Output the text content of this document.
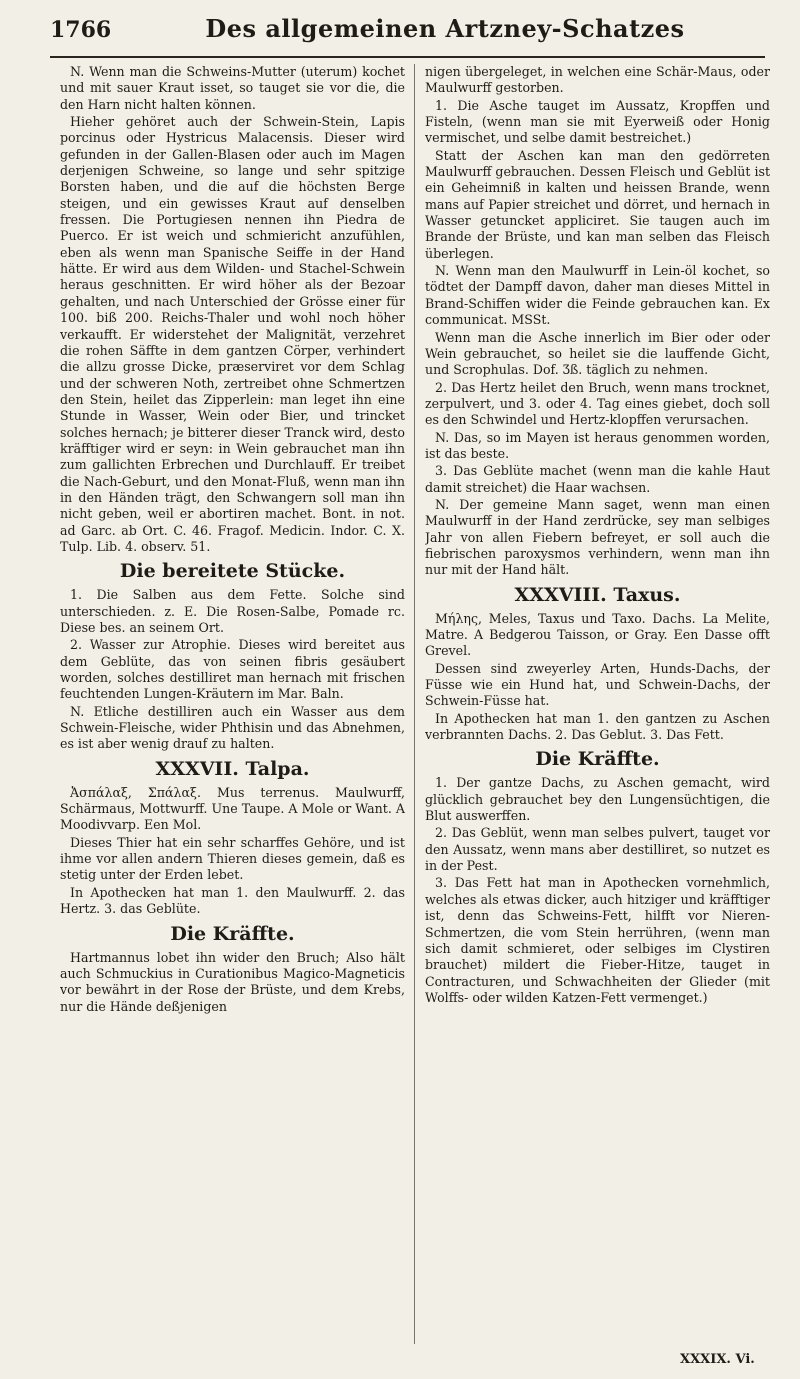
1766	Des allgemeinen Artzney-Schatzes

N. Wenn man die Schweins-Mutter (uterum) kochet und mit sauer Kraut isset, so tauget sie vor die, die den Harn nicht halten können.

Hieher gehöret auch der Schwein-Stein, Lapis porcinus oder Hystricus Malacensis. Dieser wird gefunden in der Gallen-Blasen oder auch im Magen derjenigen Schweine, so lange und sehr spitzige Borsten haben, und die auf die höchsten Berge steigen, und ein gewisses Kraut auf denselben fressen. Die Portugiesen nennen ihn Piedra de Puerco. Er ist weich und schmiericht anzufühlen, eben als wenn man Spanische Seiffe in der Hand hätte. Er wird aus dem Wilden- und Stachel-Schwein heraus geschnitten. Er wird höher als der Bezoar gehalten, und nach Unterschied der Grösse einer für 100. biß 200. Reichs-Thaler und wohl noch höher verkaufft. Er widerstehet der Malignität, verzehret die rohen Säffte in dem gantzen Cörper, verhindert die allzu grosse Dicke, præserviret vor dem Schlag und der schweren Noth, zertreibet ohne Schmertzen den Stein, heilet das Zipperlein: man leget ihn eine Stunde in Wasser, Wein oder Bier, und trincket solches hernach; je bitterer dieser Tranck wird, desto kräfftiger wird er seyn: in Wein gebrauchet man ihn zum gallichten Erbrechen und Durchlauff. Er treibet die Nach-Geburt, und den Monat-Fluß, wenn man ihn in den Händen trägt, den Schwangern soll man ihn nicht geben, weil er abortiren machet. Bont. in not. ad Garc. ab Ort. C. 46. Fragof. Medicin. Indor. C. X. Tulp. Lib. 4. observ. 51.

Die bereitete Stücke.

1. Die Salben aus dem Fette. Solche sind unterschieden. z. E. Die Rosen-Salbe, Pomade rc. Diese bes. an seinem Ort.

2. Wasser zur Atrophie. Dieses wird bereitet aus dem Geblüte, das von seinen fibris gesäubert worden, solches destilliret man hernach mit frischen feuchtenden Lungen-Kräutern im Mar. Baln.

N. Etliche destilliren auch ein Wasser aus dem Schwein-Fleische, wider Phthisin und das Abnehmen, es ist aber wenig drauf zu halten.

XXXVII. Talpa.

Ἀσπάλαξ, Σπάλαξ. Mus terrenus. Maulwurff, Schärmaus, Mottwurff. Une Taupe. A Mole or Want. A Moodivvarp. Een Mol.

Dieses Thier hat ein sehr scharffes Gehöre, und ist ihme vor allen andern Thieren dieses gemein, daß es stetig unter der Erden lebet.

In Apothecken hat man 1. den Maulwurff. 2. das Hertz. 3. das Geblüte.

Die Kräffte.

Hartmannus lobet ihn wider den Bruch; Also hält auch Schmuckius in Curationibus Magico-Magneticis vor bewährt in der Rose der Brüste, und dem Krebs, nur die Hände deßjenigen

nigen übergeleget, in welchen eine Schär-Maus, oder Maulwurff gestorben.

1. Die Asche tauget im Aussatz, Kropffen und Fisteln, (wenn man sie mit Eyerweiß oder Honig vermischet, und selbe damit bestreichet.)

Statt der Aschen kan man den gedörreten Maulwurff gebrauchen. Dessen Fleisch und Geblüt ist ein Geheimniß in kalten und heissen Brande, wenn mans auf Papier streichet und dörret, und hernach in Wasser getuncket appliciret. Sie taugen auch im Brande der Brüste, und kan man selben das Fleisch überlegen.

N. Wenn man den Maulwurff in Lein-öl kochet, so tödtet der Dampff davon, daher man dieses Mittel in Brand-Schiffen wider die Feinde gebrauchen kan. Ex communicat. MSSt.

Wenn man die Asche innerlich im Bier oder oder Wein gebrauchet, so heilet sie die lauffende Gicht, und Scrophulas. Dof. Ʒß. täglich zu nehmen.

2. Das Hertz heilet den Bruch, wenn mans trocknet, zerpulvert, und 3. oder 4. Tag eines giebet, doch soll es den Schwindel und Hertz-klopffen verursachen.

N. Das, so im Mayen ist heraus genommen worden, ist das beste.

3. Das Geblüte machet (wenn man die kahle Haut damit streichet) die Haar wachsen.

N. Der gemeine Mann saget, wenn man einen Maulwurff in der Hand zerdrücke, sey man selbiges Jahr von allen Fiebern befreyet, er soll auch die fiebrischen paroxysmos verhindern, wenn man ihn nur mit der Hand hält.

XXXVIII. Taxus.

Μήλης, Meles, Taxus und Taxo. Dachs. La Melite, Matre. A Bedgerou Taisson, or Gray. Een Dasse offt Grevel.

Dessen sind zweyerley Arten, Hunds-Dachs, der Füsse wie ein Hund hat, und Schwein-Dachs, der Schwein-Füsse hat.

In Apothecken hat man 1. den gantzen zu Aschen verbrannten Dachs. 2. Das Geblut. 3. Das Fett.

Die Kräffte.

1. Der gantze Dachs, zu Aschen gemacht, wird glücklich gebrauchet bey den Lungensüchtigen, die Blut auswerffen.

2. Das Geblüt, wenn man selbes pulvert, tauget vor den Aussatz, wenn mans aber destilliret, so nutzet es in der Pest.

3. Das Fett hat man in Apothecken vornehmlich, welches als etwas dicker, auch hitziger und kräfftiger ist, denn das Schweins-Fett, hilfft vor Nieren-Schmertzen, die vom Stein herrühren, (wenn man sich damit schmieret, oder selbiges im Clystiren brauchet) mildert die Fieber-Hitze, tauget in Contracturen, und Schwachheiten der Glieder (mit Wolffs- oder wilden Katzen-Fett vermenget.)

XXXIX. Vi.
